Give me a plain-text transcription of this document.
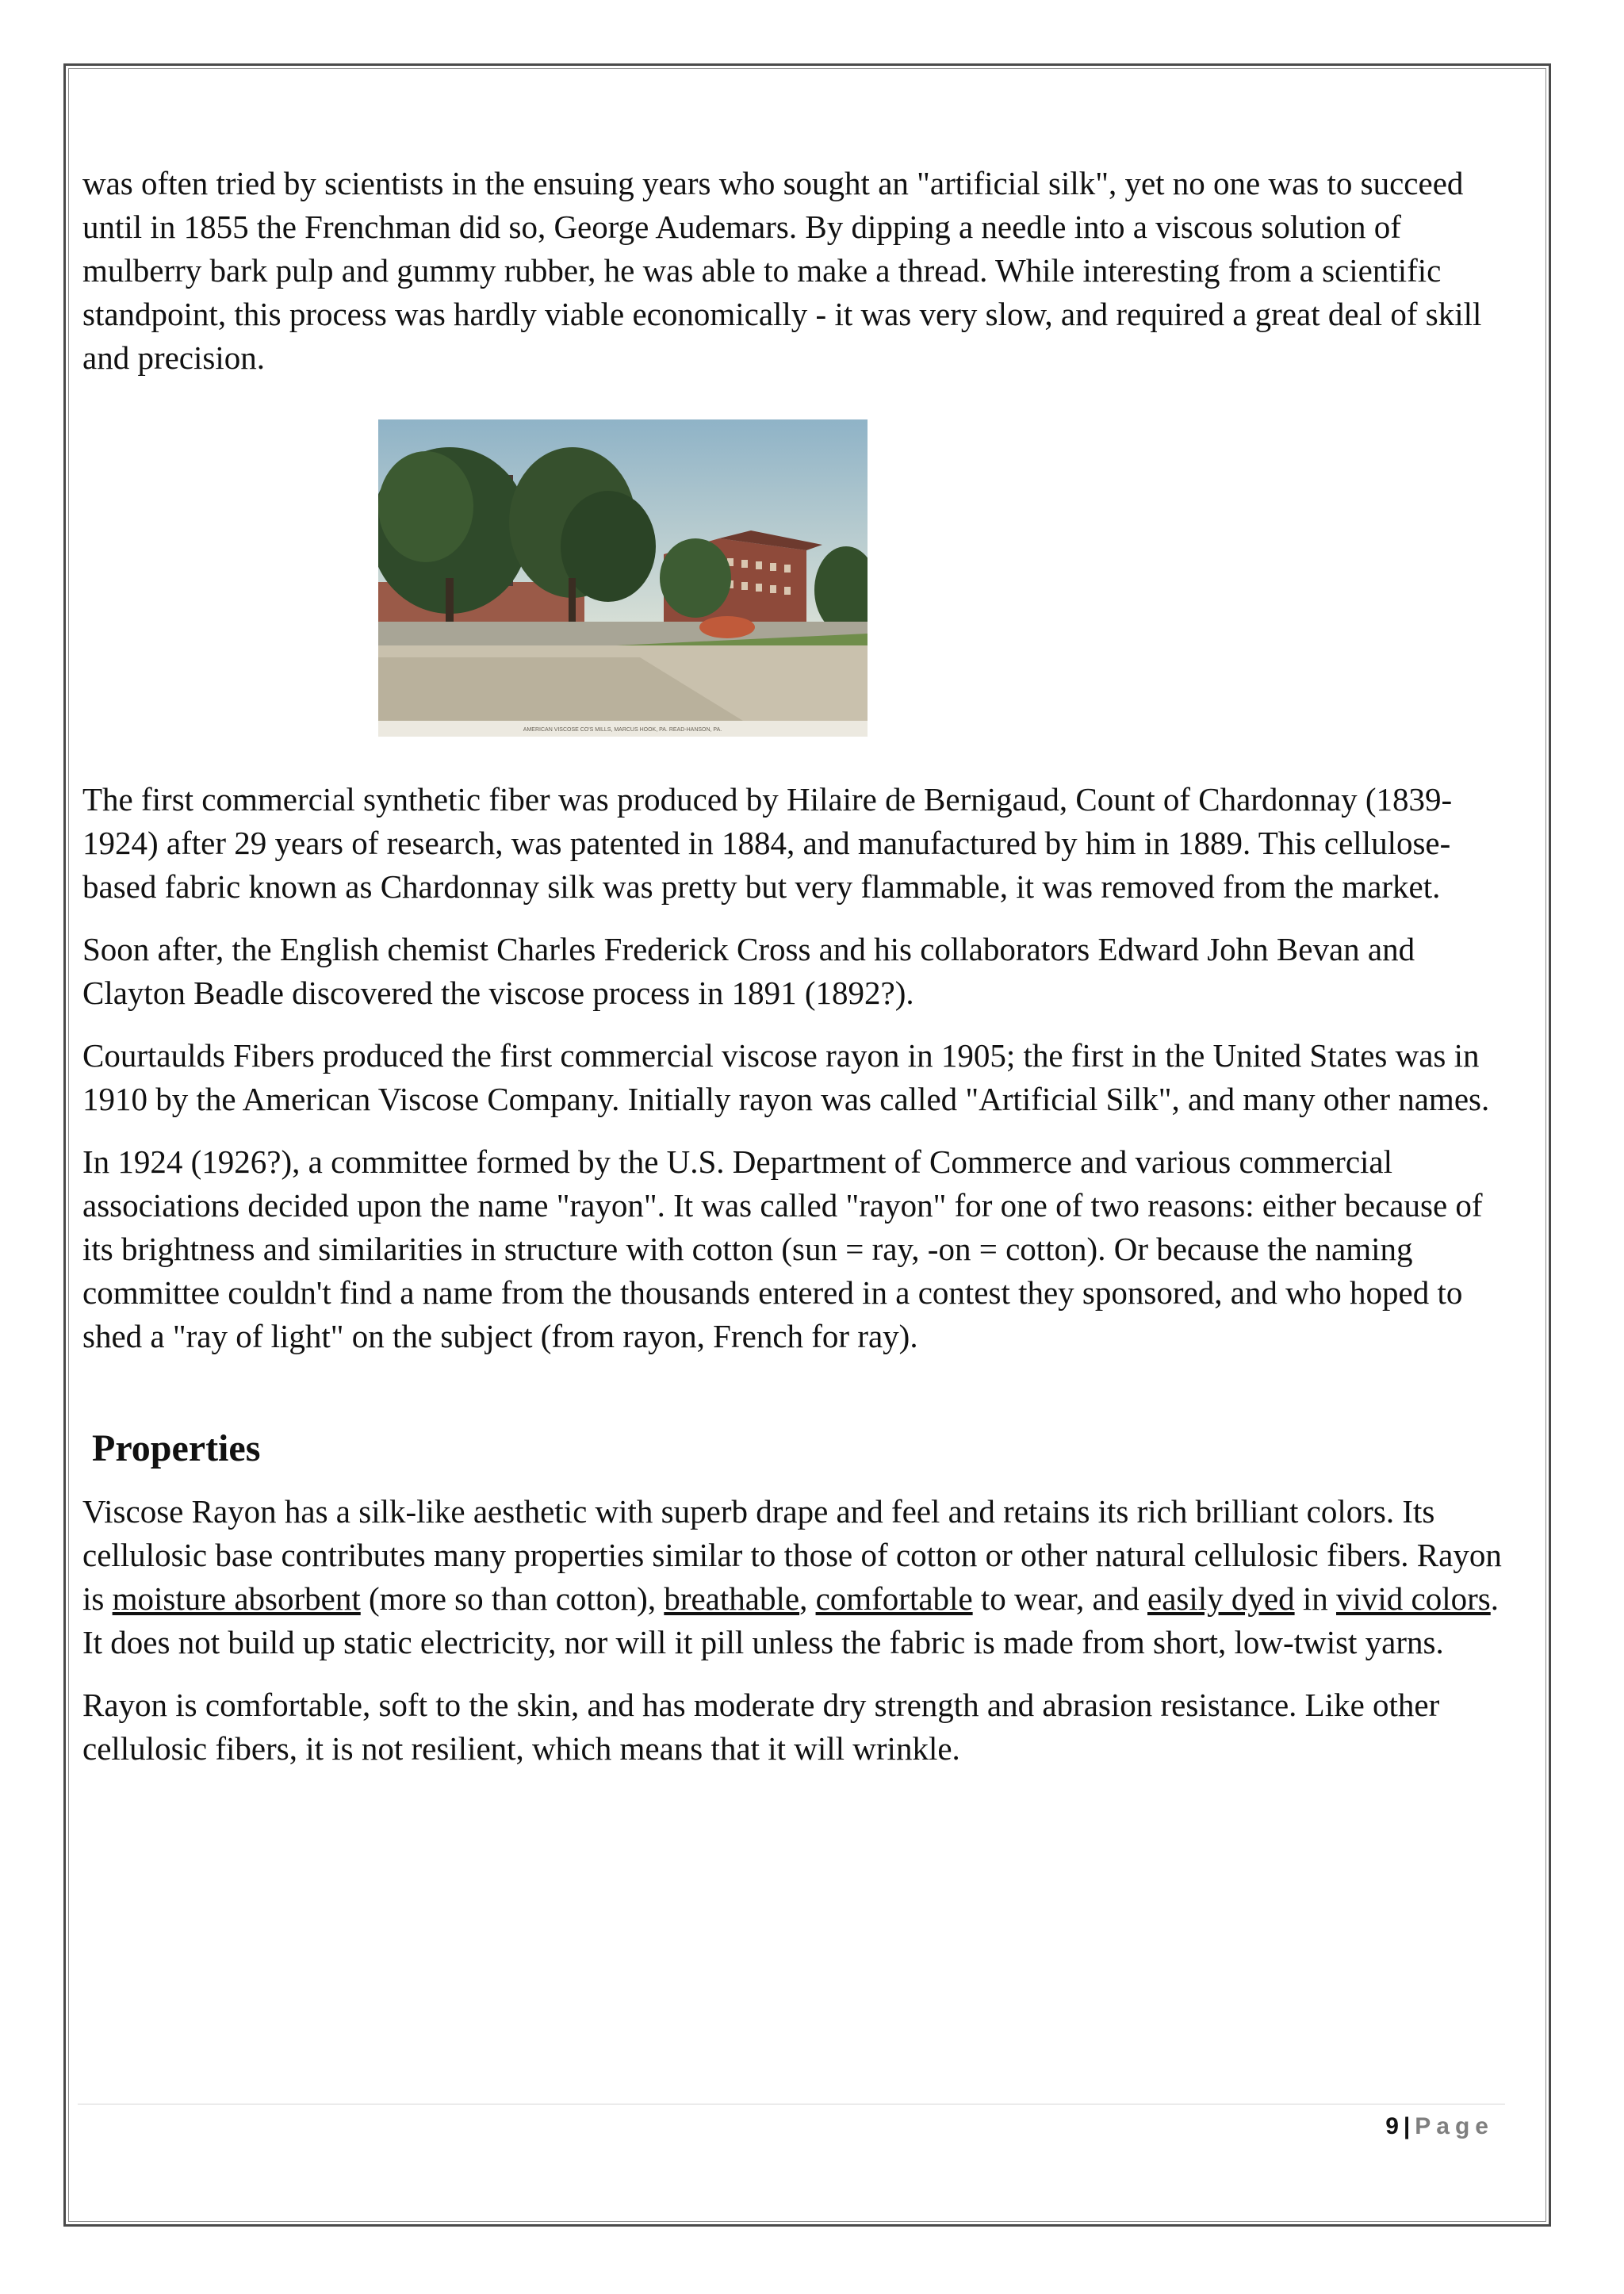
was often tried by scientists in the ensuing years who sought an "artificial silk", yet no one was to succeed until in 1855 the Frenchman did so, George Audemars. By dipping a needle into a viscous solution of mulberry bark pulp and gummy rubber, he was able to make a thread. While interesting from a scientific standpoint, this process was hardly viable economically - it was very slow, and required a great deal of skill and precision.

AMERICAN VISCOSE CO'S MILLS, MARCUS HOOK, PA. READ-HANSON, PA.

The first commercial synthetic fiber was produced by Hilaire de Bernigaud, Count of Chardonnay (1839-1924) after 29 years of research, was patented in 1884, and manufactured by him in 1889. This cellulose-based fabric known as Chardonnay silk was pretty but very flammable, it was removed from the market.

Soon after, the English chemist Charles Frederick Cross and his collaborators Edward John Bevan and Clayton Beadle discovered the viscose process in 1891 (1892?).

Courtaulds Fibers produced the first commercial viscose rayon in 1905; the first in the United States was in 1910 by the American Viscose Company. Initially rayon was called "Artificial Silk", and many other names.

In 1924 (1926?), a committee formed by the U.S. Department of Commerce and various commercial associations decided upon the name "rayon". It was called "rayon" for one of two reasons: either because of its brightness and similarities in structure with cotton (sun = ray, -on = cotton). Or because the naming committee couldn't find a name from the thousands entered in a contest they sponsored, and who hoped to shed a "ray of light" on the subject (from rayon, French for ray).

Properties

Viscose Rayon has a silk-like aesthetic with superb drape and feel and retains its rich brilliant colors. Its cellulosic base contributes many properties similar to those of cotton or other natural cellulosic fibers. Rayon is moisture absorbent (more so than cotton), breathable, comfortable to wear, and easily dyed in vivid colors. It does not build up static electricity, nor will it pill unless the fabric is made from short, low-twist yarns.

Rayon is comfortable, soft to the skin, and has moderate dry strength and abrasion resistance. Like other cellulosic fibers, it is not resilient, which means that it will wrinkle.

9 | Page
